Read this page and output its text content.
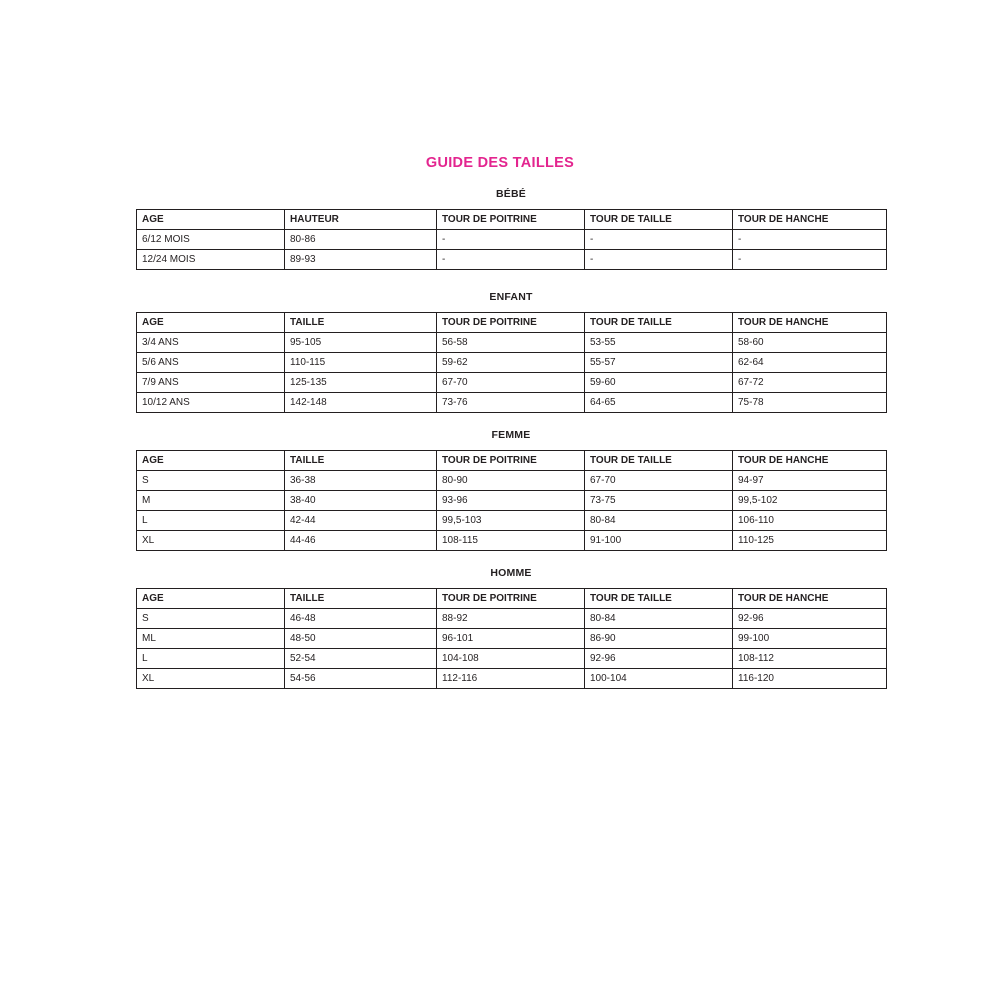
GUIDE DES TAILLES
BÉBÉ
AGE	HAUTEUR	TOUR DE POITRINE	TOUR DE TAILLE	TOUR DE HANCHE
6/12 MOIS	80-86	-	-	-
12/24 MOIS	89-93	-	-	-
ENFANT
AGE	TAILLE	TOUR DE POITRINE	TOUR DE TAILLE	TOUR DE HANCHE
3/4 ANS	95-105	56-58	53-55	58-60
5/6 ANS	110-115	59-62	55-57	62-64
7/9 ANS	125-135	67-70	59-60	67-72
10/12 ANS	142-148	73-76	64-65	75-78
FEMME
AGE	TAILLE	TOUR DE POITRINE	TOUR DE TAILLE	TOUR DE HANCHE
S	36-38	80-90	67-70	94-97
M	38-40	93-96	73-75	99,5-102
L	42-44	99,5-103	80-84	106-110
XL	44-46	108-115	91-100	110-125
HOMME
AGE	TAILLE	TOUR DE POITRINE	TOUR DE TAILLE	TOUR DE HANCHE
S	46-48	88-92	80-84	92-96
ML	48-50	96-101	86-90	99-100
L	52-54	104-108	92-96	108-112
XL	54-56	112-116	100-104	116-120
